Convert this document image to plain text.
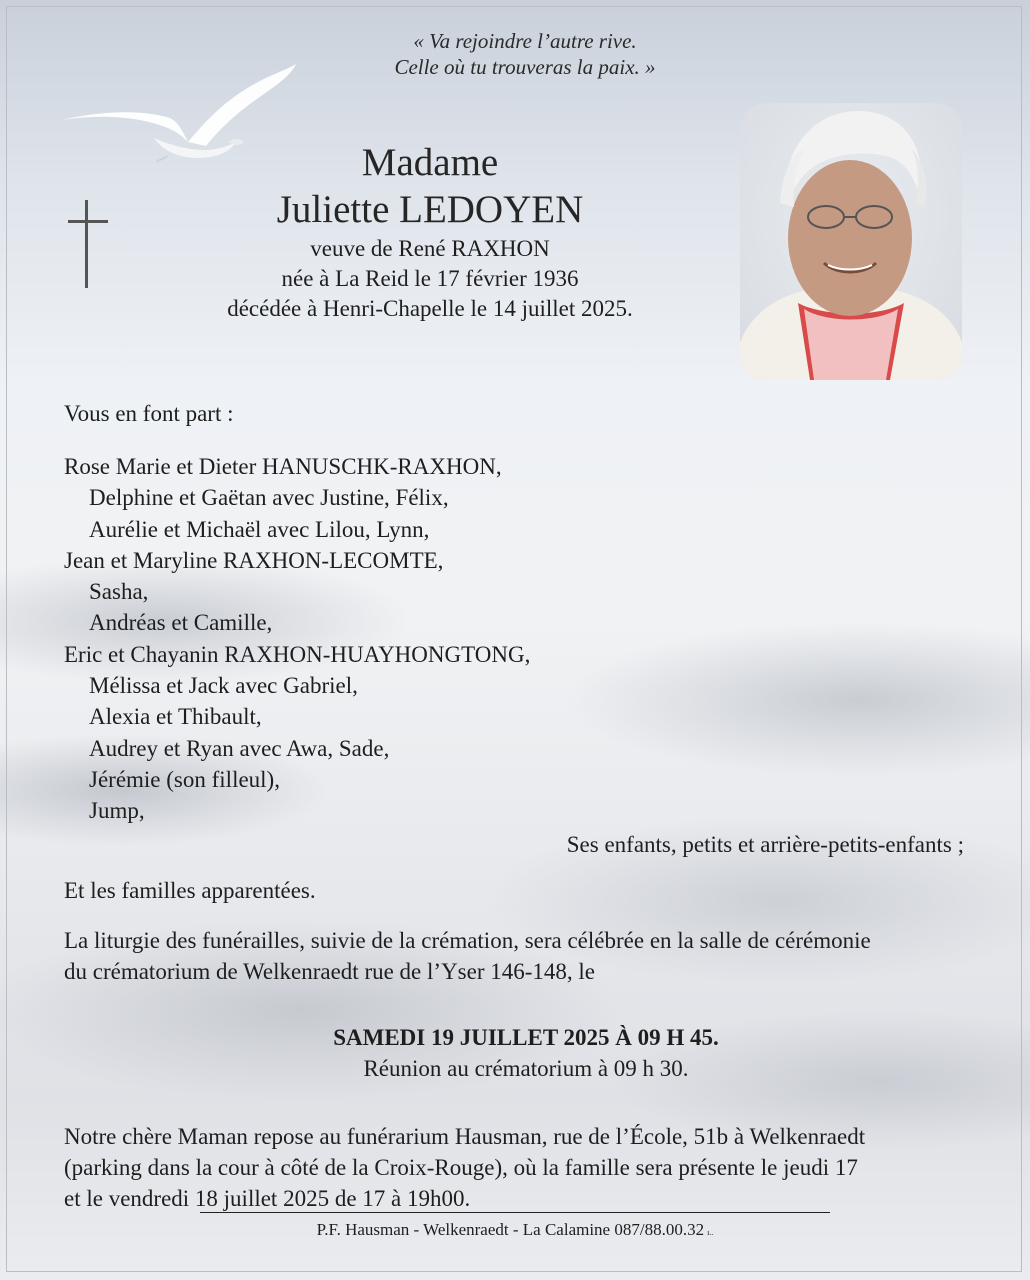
« Va rejoindre l’autre rive.
Celle où tu trouveras la paix. »
Madame
Juliette LEDOYEN
veuve de René RAXHON
née à La Reid le 17 février 1936
décédée à Henri-Chapelle le 14 juillet 2025.
Vous en font part :
Rose Marie et Dieter HANUSCHK-RAXHON,
Delphine et Gaëtan avec Justine, Félix,
Aurélie et Michaël avec Lilou, Lynn,
Jean et Maryline RAXHON-LECOMTE,
Sasha,
Andréas et Camille,
Eric et Chayanin RAXHON-HUAYHONGTONG,
Mélissa et Jack avec Gabriel,
Alexia et Thibault,
Audrey et Ryan avec Awa, Sade,
Jérémie (son filleul),
Jump,
Ses enfants, petits et arrière-petits-enfants ;
Et les familles apparentées.
La liturgie des funérailles, suivie de la crémation, sera célébrée en la salle de cérémonie
du crématorium de Welkenraedt rue de l’Yser 146-148, le
SAMEDI 19 JUILLET 2025 À 09 H 45.
Réunion au crématorium à 09 h 30.
Notre chère Maman repose au funérarium Hausman, rue de l’École, 51b à Welkenraedt
(parking dans la cour à côté de la Croix-Rouge), où la famille sera présente le jeudi 17
et le vendredi 18 juillet 2025 de 17 à 19h00.
P.F. Hausman - Welkenraedt - La Calamine 087/88.00.32 ı..
